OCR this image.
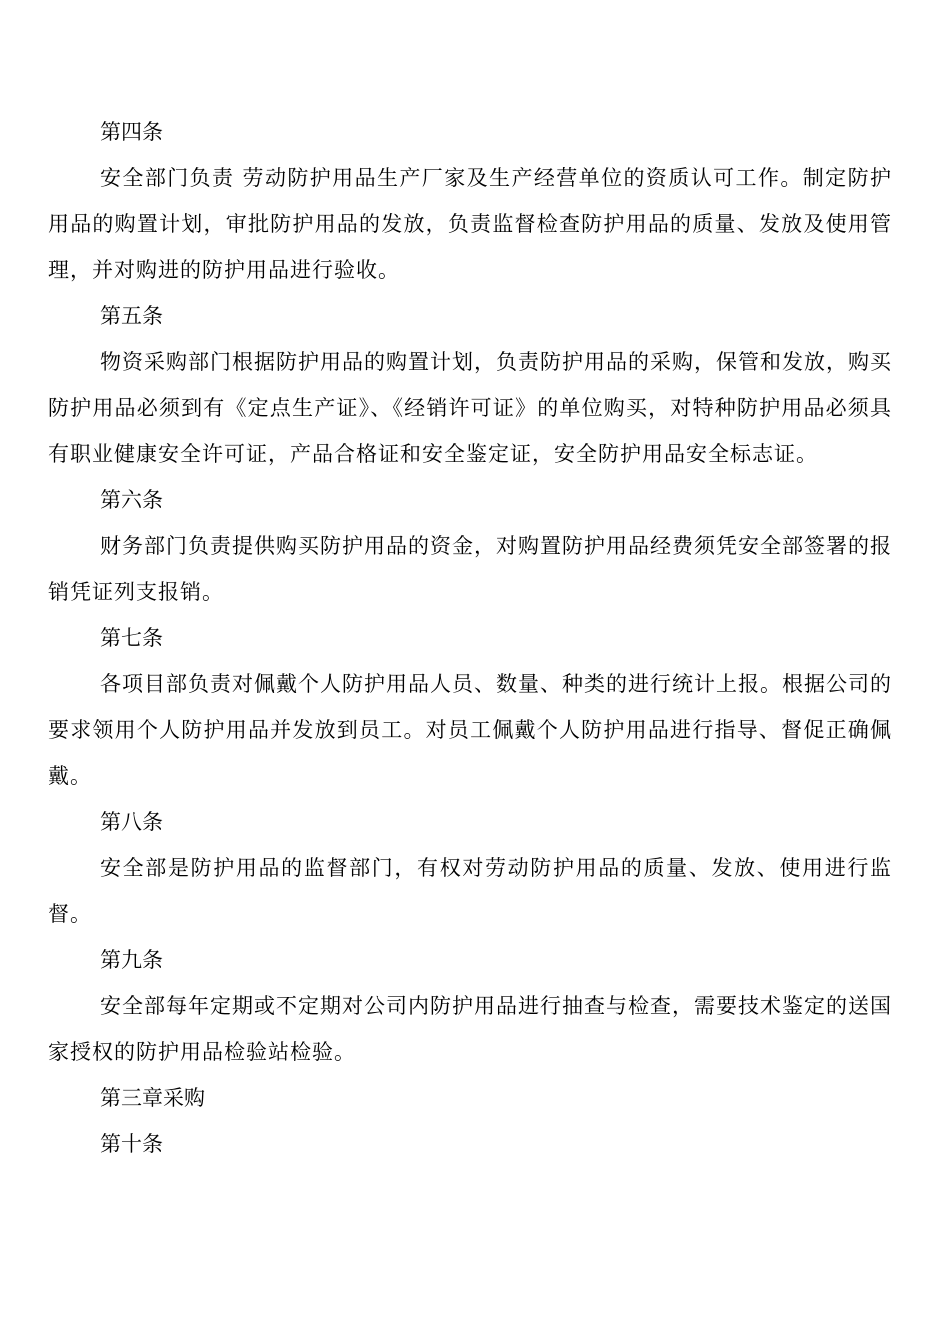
第四条
安全部门负责 劳动防护用品生产厂家及生产经营单位的资质认可工作。制定防护用品的购置计划，审批防护用品的发放，负责监督检查防护用品的质量、发放及使用管理，并对购进的防护用品进行验收。
第五条
物资采购部门根据防护用品的购置计划，负责防护用品的采购，保管和发放，购买防护用品必须到有《定点生产证》、《经销许可证》的单位购买，对特种防护用品必须具有职业健康安全许可证，产品合格证和安全鉴定证，安全防护用品安全标志证。
第六条
财务部门负责提供购买防护用品的资金，对购置防护用品经费须凭安全部签署的报销凭证列支报销。
第七条
各项目部负责对佩戴个人防护用品人员、数量、种类的进行统计上报。根据公司的要求领用个人防护用品并发放到员工。对员工佩戴个人防护用品进行指导、督促正确佩戴。
第八条
安全部是防护用品的监督部门，有权对劳动防护用品的质量、发放、使用进行监督。
第九条
安全部每年定期或不定期对公司内防护用品进行抽查与检查，需要技术鉴定的送国家授权的防护用品检验站检验。
第三章采购
第十条
